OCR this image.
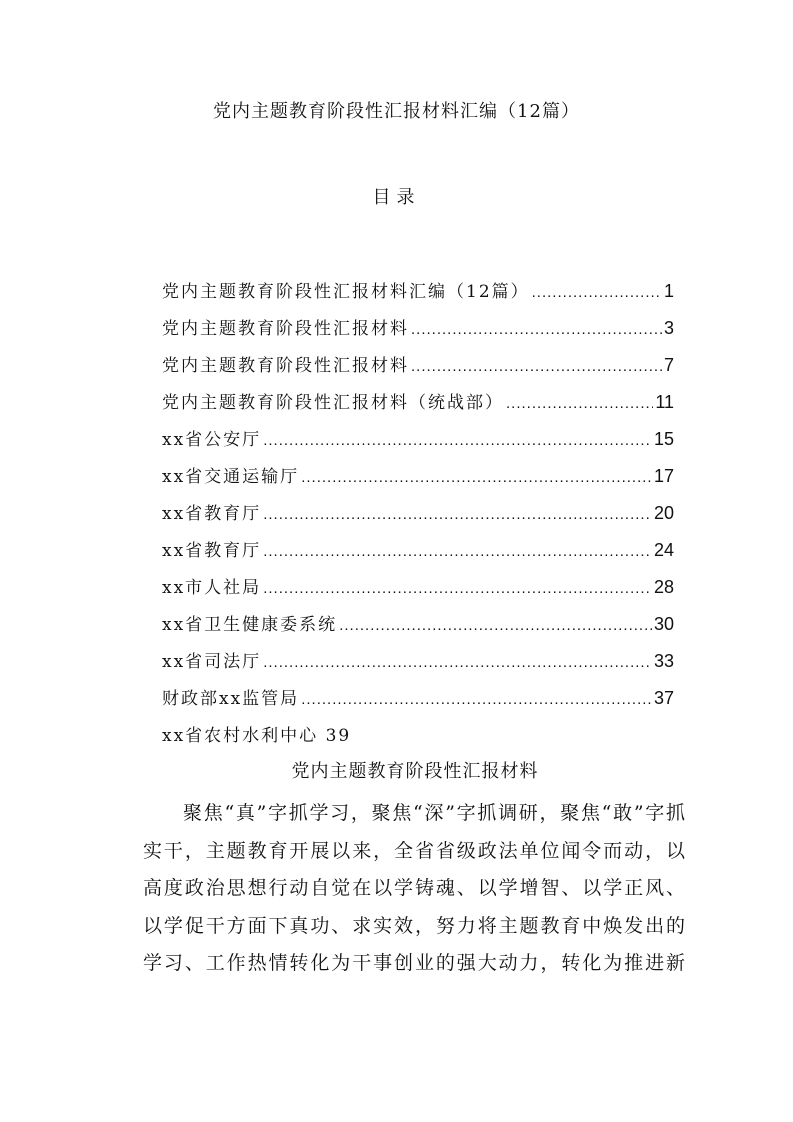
党内主题教育阶段性汇报材料汇编（12篇）
目录
党内主题教育阶段性汇报材料汇编（12篇） .....	1
党内主题教育阶段性汇报材料 .....	3
党内主题教育阶段性汇报材料 .....	7
党内主题教育阶段性汇报材料（统战部） .....	11
xx省公安厅 .....	15
xx省交通运输厅 .....	17
xx省教育厅 .....	20
xx省教育厅 .....	24
xx市人社局 .....	28
xx省卫生健康委系统 .....	30
xx省司法厅 .....	33
财政部xx监管局 .....	37
xx省农村水利中心 39
党内主题教育阶段性汇报材料
聚焦“真”字抓学习，聚焦“深”字抓调研，聚焦“敢”字抓
实干，主题教育开展以来，全省省级政法单位闻令而动，以
高度政治思想行动自觉在以学铸魂、以学增智、以学正风、
以学促干方面下真功、求实效，努力将主题教育中焕发出的
学习、工作热情转化为干事创业的强大动力，转化为推进新
